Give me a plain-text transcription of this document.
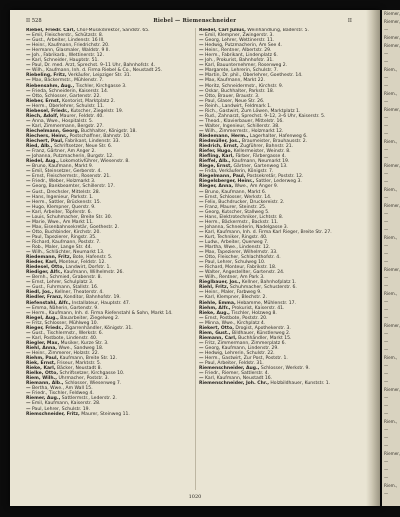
II 528	Riebel — Riemenschneider	II

Riebel, Friedr. Carl, Chor-Musikdirektor, Sandstr. 65.

— Emil, Fleischerstr., Schützstr. 8.

— Gust., Arbeiter, Lindenstr. 16 III.

— Heinr., Kaufmann, Friedrichstr. 20.

— Hermann, Glasmaler, Waldstr. 9 II.

— Joh., Fabrikarb., Wettinerstr. 12.

— Karl, Schneider, Hauptstr. 51.

— Paul, Dr. med. Arzt, Sprechst. 9–11 Uhr, Bahnhofstr. 4.

— Wilh., Kaufmann, Inh. d. Firma Riebel & Co., Neustadt 25.

Riebeling, Fritz, Verkäufer, Leipziger Str. 31.

— Max, Bäckermstr., Mühlenstr. 7.

Riebensahm, Aug., Tischler, Kirchgasse 3.

— Frieda, Schneiderin, Kaiserstr. 14.

— Otto, Schlosser, Gartenstr. 22.

Rieber, Ernst, Kontorist, Marktplatz 2.

— Herm., Oberlehrer, Schulstr. 11.

Riebesel, Friedr., Kutscher, Ziegelstr. 19.

Riech, Adolf, Maurer, Feldstr. 40.

— Anna, Wwe., Hospitalstr. 5.

— Karl, Zimmermann, Bergstr. 27.

Riechelmann, Georg, Buchhalter, Königstr. 18.

Riechers, Heinr., Postschaffner, Bahnstr. 10.

Riechert, Paul, Fabrikant, Lindenstr. 33.

Ried, Alb., Schriftsetzer, Neue Str. 6.

— Franz, Gärtner, Am Anger 2.

— Johanna, Putzmacherin, Burgstr. 12.

Riedel, Aug., Lokomotivführer, Wiesenstr. 8.

— Bruno, Kaufmann, Markt 9.

— Emil, Steinsetzer, Gerberstr. 4.

— Ernst, Fleischermstr., Rosenstr. 21.

— Friedr., Weber, Holzmarkt 3.

— Georg, Bankbeamter, Schillerstr. 17.

— Gust., Drechsler, Mittelstr. 28.

— Hans, Ingenieur, Parkstr. 1.

— Herm., Sattler, Brückenstr. 15.

— Hugo, Klempner, Querstr. 9.

— Karl, Arbeiter, Töpferstr. 6.

— Louis, Schuhmacher, Breite Str. 30.

— Marie, Wwe., Am Markt 11.

— Max, Eisenbahnsekretär, Goethestr. 2.

— Otto, Buchbinder, Kirchstr. 20.

— Paul, Tapezierer, Ringstr. 35.

— Richard, Kaufmann, Poststr. 7.

— Rob., Maler, Lange Str. 44.

— Wilh., Schlächter, Neumarkt 13.

Riedemann, Fritz, Bote, Hafenstr. 5.

Rieder, Karl, Monteur, Feldstr. 12.

Riedesel, Otto, Landwirt, Dorfstr. 1.

Riediger, Alfr., Kaufmann, Wilhelmstr. 26.

— Bernh., Schmied, Grabenstr. 8.

— Ernst, Lehrer, Schulplatz 3.

— Gust., Fuhrmann, Stallstr. 16.

Riedl, Jos., Kellner, Theaterstr. 4.

Riedler, Franz, Konditor, Bahnhofstr. 19.

Riefenstahl, Alfr., Installateur, Hauptstr. 47.

— Emma, Näherin, Gartenstr. 9.

— Herm., Kaufmann, Inh. d. Firma Riefenstahl & Sohn, Markt 14.

Riegel, Aug., Bauarbeiter, Ziegelweg 2.

— Fritz, Schlosser, Mühlweg 10.

Rieger, Friedr., Zigarrenhändler, Königstr. 31.

— Gust., Tischlermstr., Werkstr. 6.

— Karl, Postbote, Lindenstr. 40.

Riegler, Max, Musiker, Kurze Str. 3.

Riehl, Anna, Wwe., Sandweg 18.

— Heinr., Zimmerer, Holzstr. 22.

Riehm, Paul, Kaufmann, Breite Str. 12.

Riek, Ernst, Friseur, Marktstr. 5.

Rieke, Karl, Bäcker, Neustadt 8.

Rielke, Otto, Schriftsetzer, Kirchgasse 10.

Riem, Wilh., Uhrmacher, Poststr. 3.

Riemann, Alb., Schlosser, Wiesenweg 7.

— Bertha, Wwe., Am Wall 15.

— Friedr., Tischler, Feldweg 4.

Riemer, Aug., Sattlermstr., Lederstr. 2.

— Emil, Kaufmann, Kaiserstr. 28.

— Paul, Lehrer, Schulstr. 19.

Riemschneider, Fritz, Maurer, Steinweg 11.

Riedel, Carl Julius, Weinhandlung, Baderstr. 5.

— Emil, Klempner, Zwingerstr. 3.

— Georg, Lehrer, Wettinerstr. 11.

— Hedwig, Putzmacherin, Am See 4.

— Heinr., Rentner, Albertstr. 29.

— Herm., Fabrikant, Lindenplatz 6.

— Joh., Prokurist, Bahnhofstr. 31.

— Karl, Bauunternehmer, Rosenweg 2.

— Margarete, Lehrerin, Schulstr. 7.

— Martin, Dr. phil., Oberlehrer, Goethestr. 14.

— Max, Kaufmann, Markt 22.

— Moritz, Schneidermstr., Kirchstr. 9.

— Oskar, Buchhalter, Parkstr. 18.

— Otto, Brauer, Braustr. 3.

— Paul, Glaser, Neue Str. 26.

— Reinh., Landwirt, Feldmark 1.

— Rich., Gastwirt, Zum Löwen, Marktplatz 1.

— Rud., Zahnarzt, Sprechst. 9–12, 3–6 Uhr, Kaiserstr. 5.

— Theod., Klavierbauer, Mittelstr. 16.

— Walter, Ingenieur, Schillerstr. 38.

— Wilh., Zimmermstr., Holzmarkt 12.

Riedemann, Herm., Lagerhalter, Hafenweg 6.

Riedmüller, Jos., Braumeister, Brauhausstr. 2.

Riedrich, Ernst, Zugführer, Bahnstr. 21.

Riefer, Hugo, Kellermeister, Weinstr. 8.

Riefling, Karl, Färber, Färbergasse 4.

Rieffel, Alb., Kaufmann, Neumarkt 19.

Riege, Ernst, Gärtner, Gartenweg 13.

— Frida, Verkäuferin, Königstr. 7.

Riegelmann, Paul, Postsekretär, Poststr. 12.

Riegelsberger, Heinr., Sattler, Lederweg 3.

Rieger, Anna, Wwe., Am Anger 9.

— Bruno, Kaufmann, Markt 6.

— Ernst, Schlosser, Werkstr. 14.

— Felix, Buchdrucker, Druckereistr. 2.

— Franz, Maurer, Steinstr. 25.

— Georg, Kutscher, Stallweg 5.

— Hans, Elektrotechniker, Lichtstr. 8.

— Herm., Bäckermstr., Backstr. 11.

— Johanna, Schneiderin, Nadelgasse 3.

— Karl, Kaufmann, Inh. d. Firma Karl Rieger, Breite Str. 27.

— Kurt, Techniker, Ringstr. 40.

— Ludw., Arbeiter, Querweg 7.

— Martha, Wwe., Lindenstr. 12.

— Max, Tapezierer, Wilhelmstr. 33.

— Otto, Fleischer, Schlachthofstr. 4.

— Paul, Lehrer, Schulweg 10.

— Richard, Monteur, Fabrikstr. 18.

— Walter, Angestellter, Gartenstr. 24.

— Wilh., Rentner, Am Park 3.

Rieglbauer, Jos., Kellner, Bahnhofplatz 1.

Riehl, Fritz, Schuhmacher, Schusterstr. 6.

— Heinr., Maler, Farbweg 9.

— Karl, Klempner, Blechstr. 2.

Riehle, Emma, Hebamme, Mühlenstr. 17.

Riehm, Alfr., Prokurist, Kaiserstr. 41.

Rieke, Aug., Tischler, Holzweg 8.

— Ernst, Postbote, Poststr. 20.

— Minna, Wwe., Kirchplatz 4.

Riekert, Otto, Drogist, Apothekerstr. 3.

Riem, Gust., Bildhauer, Künstlerweg 2.

Riemann, Carl, Buchhändler, Markt 15.

— Fritz, Zimmermann, Zimmerplatz 6.

— Georg, Kaufmann, Lindenstr. 29.

— Hedwig, Lehrerin, Schulstr. 22.

— Herm., Gastwirt, Zur Post, Poststr. 1.

— Paul, Arbeiter, Feldstr. 31.

Riemenschneider, Aug., Schlosser, Werkstr. 9.

— Friedr., Riemer, Sattlerstr. 4.

— Karl, Kaufmann, Neustadt 16.

Riemenschneider, Joh. Chr., Holzbildhauer, Kunststr. 1.

1020
Riemer,
Riemer,
—
Riemer,
Riemer,
—
—
Riem.,
—
—
Riem.,
—
Riemer,
—
—
—
Riem.,
—
—
Riemer,
—
—
Riem.,
—
Riemer,
—
—
—
Riem.,
—
—
—
Riemer,
—
—
Riem.,
—
—
—
Riemer,
—
—
—
Riem.,
—
—
—
Riemer,
—
—
—
Riem.,
—
—
—
Riemer,
—
—
—
Riem.,
—
